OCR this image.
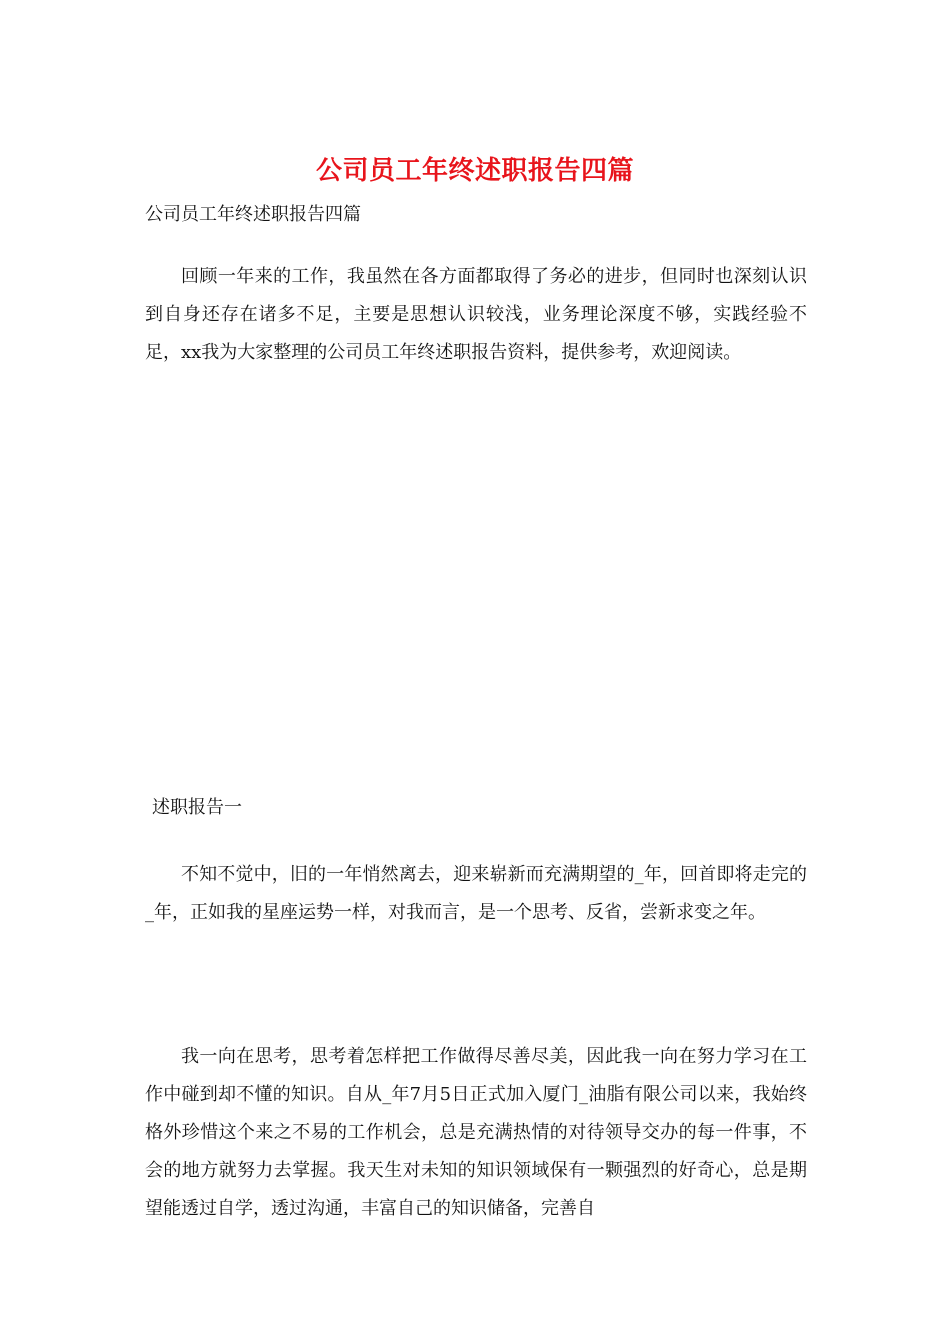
公司员工年终述职报告四篇

公司员工年终述职报告四篇

回顾一年来的工作，我虽然在各方面都取得了务必的进步，但同时也深刻认识到自身还存在诸多不足，主要是思想认识较浅，业务理论深度不够，实践经验不足，xx我为大家整理的公司员工年终述职报告资料，提供参考，欢迎阅读。

述职报告一

不知不觉中，旧的一年悄然离去，迎来崭新而充满期望的_年，回首即将走完的_年，正如我的星座运势一样，对我而言，是一个思考、反省，尝新求变之年。

我一向在思考，思考着怎样把工作做得尽善尽美，因此我一向在努力学习在工作中碰到却不懂的知识。自从_年7月5日正式加入厦门_油脂有限公司以来，我始终格外珍惜这个来之不易的工作机会，总是充满热情的对待领导交办的每一件事，不会的地方就努力去掌握。我天生对未知的知识领域保有一颗强烈的好奇心，总是期望能透过自学，透过沟通，丰富自己的知识储备，完善自
